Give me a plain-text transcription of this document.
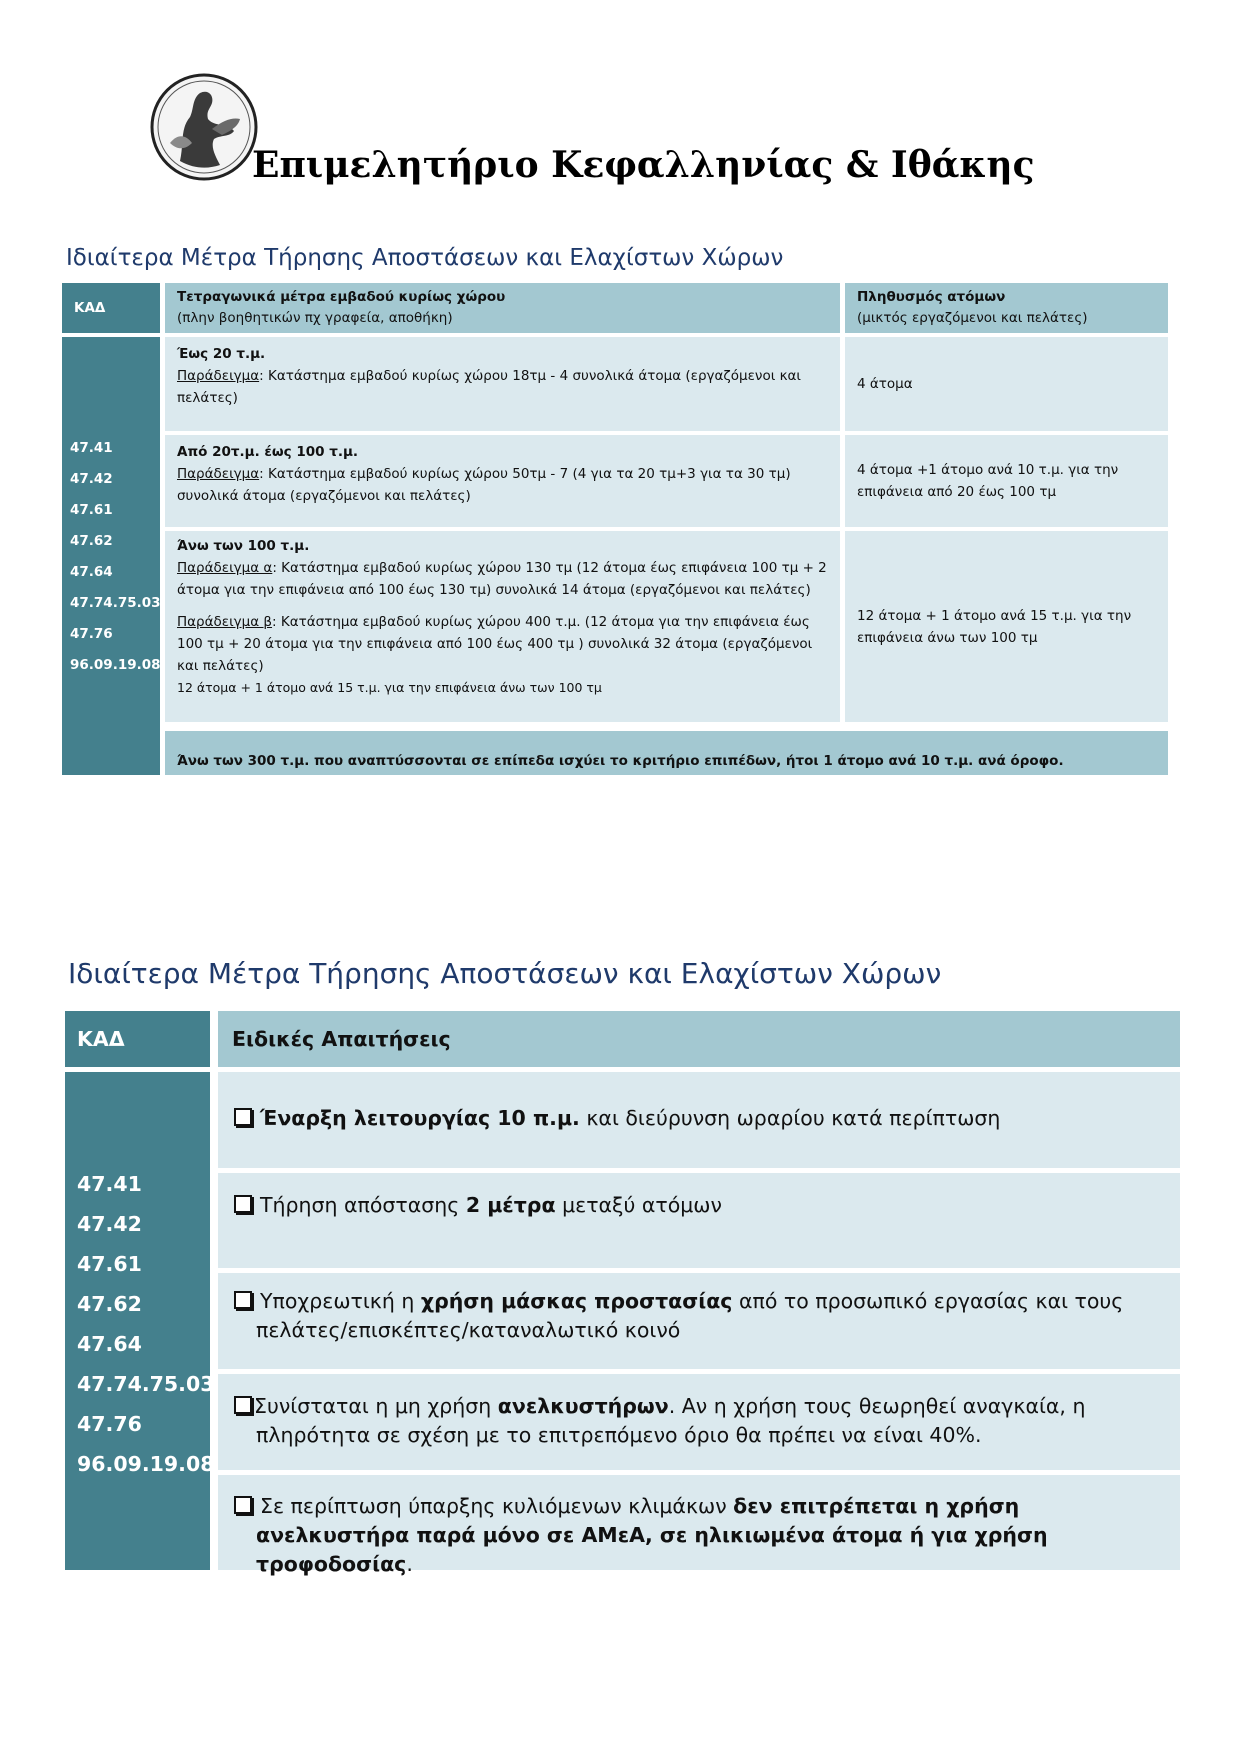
Επιμελητήριο Κεφαλληνίας & Ιθάκης
Ιδιαίτερα Μέτρα Τήρησης Αποστάσεων και Ελαχίστων Χώρων
ΚΑΔ
Τετραγωνικά μέτρα εμβαδού κυρίως χώρου
(πλην βοηθητικών πχ γραφεία, αποθήκη)
Πληθυσμός ατόμων
(μικτός εργαζόμενοι και πελάτες)
47.41
47.42
47.61
47.62
47.64
47.74.75.03
47.76
96.09.19.08
Έως 20 τ.μ.
Παράδειγμα: Κατάστημα εμβαδού κυρίως χώρου 18τμ - 4 συνολικά άτομα (εργαζόμενοι και πελάτες)
4 άτομα
Από 20τ.μ. έως 100 τ.μ.
Παράδειγμα: Κατάστημα εμβαδού κυρίως χώρου 50τμ - 7 (4 για τα 20 τμ+3 για τα 30 τμ) συνολικά άτομα (εργαζόμενοι και πελάτες)
4 άτομα +1 άτομο ανά 10 τ.μ. για την επιφάνεια από 20 έως 100 τμ
Άνω των 100 τ.μ.
Παράδειγμα α: Κατάστημα εμβαδού κυρίως χώρου 130 τμ (12 άτομα έως επιφάνεια 100 τμ + 2 άτομα για την επιφάνεια από 100 έως 130 τμ) συνολικά 14 άτομα (εργαζόμενοι και πελάτες)
Παράδειγμα β: Κατάστημα εμβαδού κυρίως χώρου 400 τ.μ. (12 άτομα για την επιφάνεια έως 100 τμ + 20 άτομα για την επιφάνεια από 100 έως 400 τμ ) συνολικά 32 άτομα (εργαζόμενοι και πελάτες)
12 άτομα + 1 άτομο ανά 15 τ.μ. για την επιφάνεια άνω των 100 τμ
12 άτομα + 1 άτομο ανά 15 τ.μ. για την επιφάνεια άνω των 100 τμ
Άνω των 300 τ.μ. που αναπτύσσονται σε επίπεδα ισχύει το κριτήριο επιπέδων, ήτοι 1 άτομο ανά 10 τ.μ. ανά όροφο.
Ιδιαίτερα Μέτρα Τήρησης Αποστάσεων και Ελαχίστων Χώρων
ΚΑΔ	Ειδικές Απαιτήσεις
47.41
47.42
47.61
47.62
47.64
47.74.75.03
47.76
96.09.19.08
Έναρξη λειτουργίας 10 π.μ. και διεύρυνση ωραρίου κατά περίπτωση
Τήρηση απόστασης 2 μέτρα μεταξύ ατόμων
Υποχρεωτική η χρήση μάσκας προστασίας από το προσωπικό εργασίας και τους πελάτες/επισκέπτες/καταναλωτικό κοινό
Συνίσταται η μη χρήση ανελκυστήρων. Αν η χρήση τους θεωρηθεί αναγκαία, η πληρότητα σε σχέση με το επιτρεπόμενο όριο θα πρέπει να είναι 40%.
Σε περίπτωση ύπαρξης κυλιόμενων κλιμάκων δεν επιτρέπεται η χρήση ανελκυστήρα παρά μόνο σε ΑΜεΑ, σε ηλικιωμένα άτομα ή για χρήση τροφοδοσίας.
